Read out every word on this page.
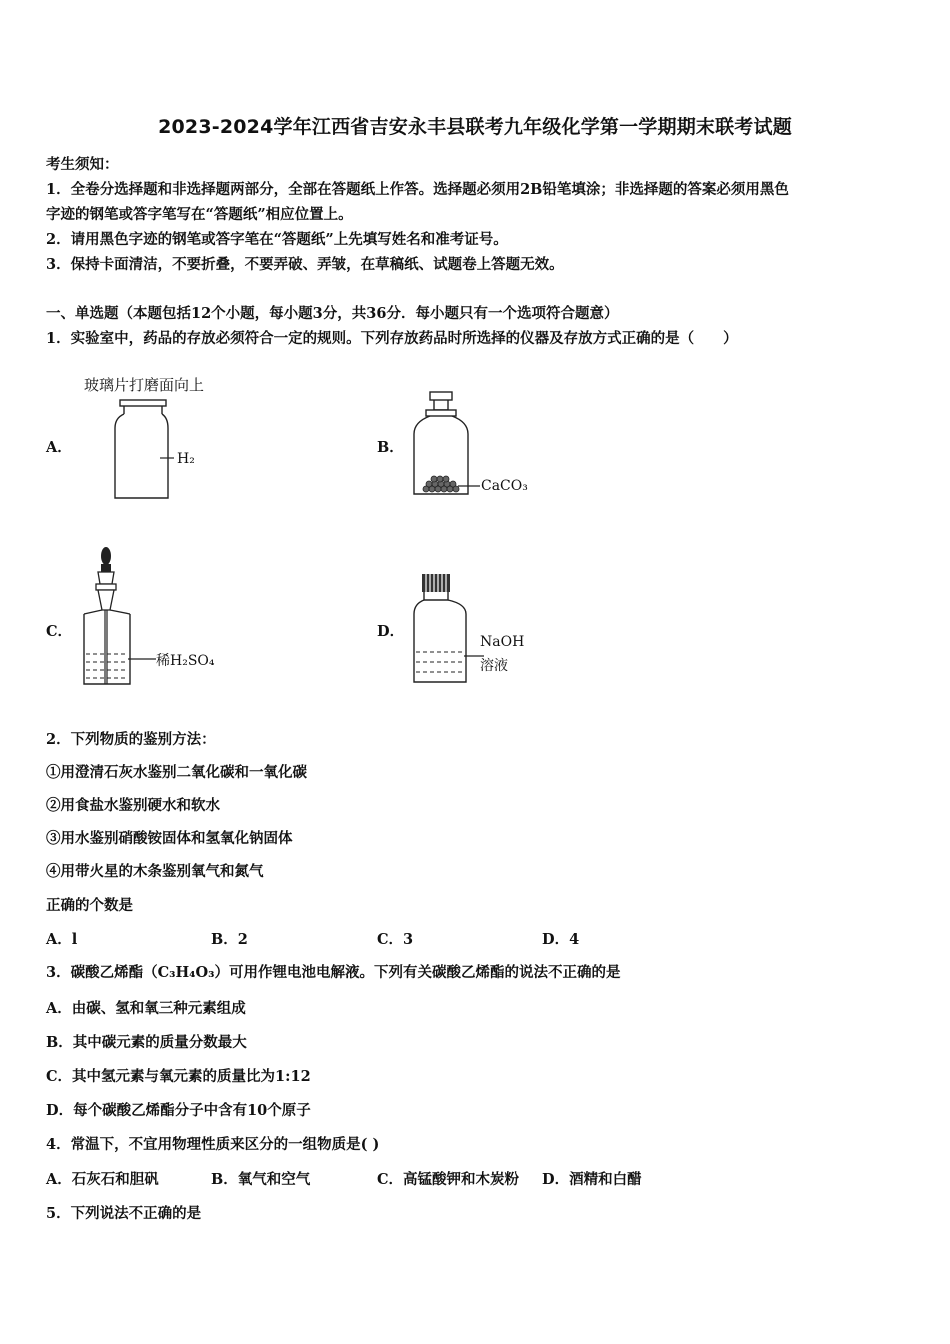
2023-2024学年江西省吉安永丰县联考九年级化学第一学期期末联考试题
考生须知：
1．全卷分选择题和非选择题两部分，全部在答题纸上作答。选择题必须用2B铅笔填涂；非选择题的答案必须用黑色
字迹的钢笔或答字笔写在“答题纸”相应位置上。
2．请用黑色字迹的钢笔或答字笔在“答题纸”上先填写姓名和准考证号。
3．保持卡面清洁，不要折叠，不要弄破、弄皱，在草稿纸、试题卷上答题无效。
一、单选题（本题包括12个小题，每小题3分，共36分．每小题只有一个选项符合题意）
1．实验室中，药品的存放必须符合一定的规则。下列存放药品时所选择的仪器及存放方式正确的是（　　）
A．
玻璃片打磨面向上
H₂
B．
CaCO₃
C．
稀H₂SO₄
D．
NaOH
溶液
2．下列物质的鉴别方法：
①用澄清石灰水鉴别二氧化碳和一氧化碳
②用食盐水鉴别硬水和软水
③用水鉴别硝酸铵固体和氢氧化钠固体
④用带火星的木条鉴别氧气和氮气
正确的个数是
A．l	B．2	C．3	D．4
3．碳酸乙烯酯（C₃H₄O₃）可用作锂电池电解液。下列有关碳酸乙烯酯的说法不正确的是
A．由碳、氢和氧三种元素组成
B．其中碳元素的质量分数最大
C．其中氢元素与氧元素的质量比为1:12
D．每个碳酸乙烯酯分子中含有10个原子
4．常温下，不宜用物理性质来区分的一组物质是( )
A．石灰石和胆矾	B．氧气和空气	C．高锰酸钾和木炭粉 D．酒精和白醋
5．下列说法不正确的是
